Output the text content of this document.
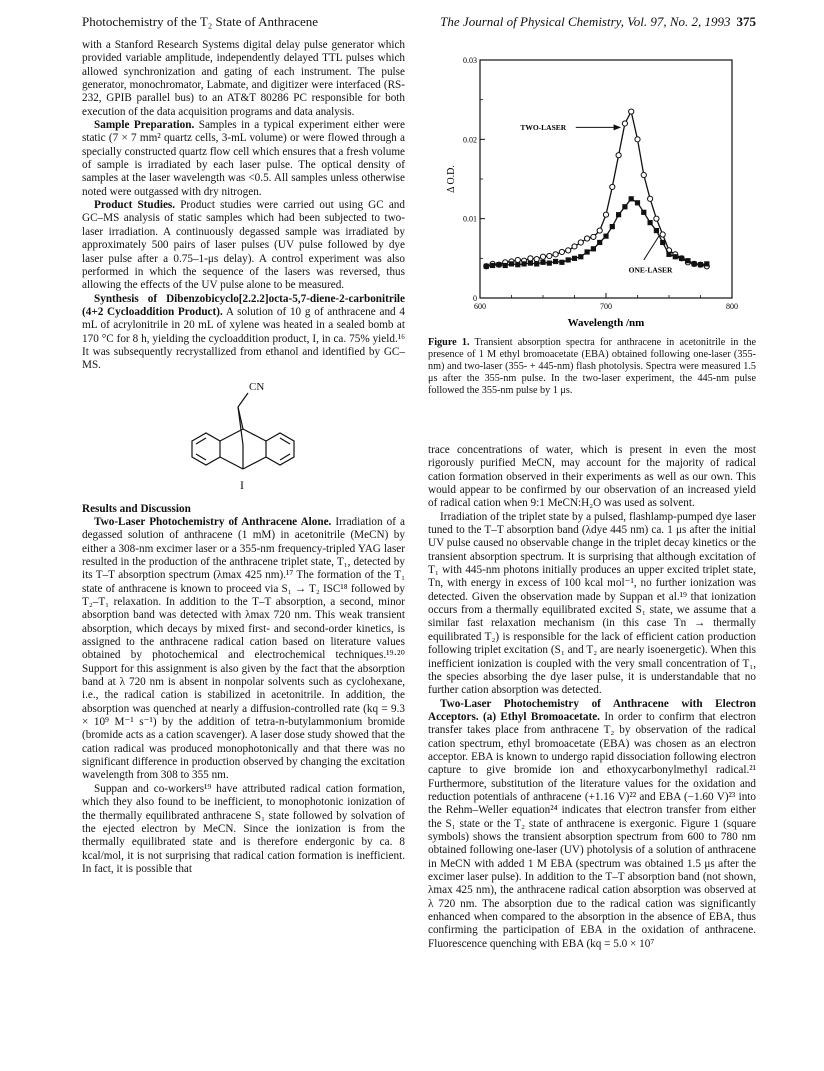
Photochemistry of the T₂ State of Anthracene	The Journal of Physical Chemistry, Vol. 97, No. 2, 1993 375

with a Stanford Research Systems digital delay pulse generator which provided variable amplitude, independently delayed TTL pulses which allowed synchronization and gating of each instrument. The pulse generator, monochromator, Labmate, and digitizer were interfaced (RS-232, GPIB parallel bus) to an AT&T 80286 PC responsible for both execution of the data acquisition programs and data analysis.

Sample Preparation. Samples in a typical experiment either were static (7 × 7 mm² quartz cells, 3-mL volume) or were flowed through a specially constructed quartz flow cell which ensures that a fresh volume of sample is irradiated by each laser pulse. The optical density of samples at the laser wavelength was <0.5. All samples unless otherwise noted were outgassed with dry nitrogen.

Product Studies. Product studies were carried out using GC and GC–MS analysis of static samples which had been subjected to two-laser irradiation. A continuously degassed sample was irradiated by approximately 500 pairs of laser pulses (UV pulse followed by dye laser pulse after a 0.75–1-μs delay). A control experiment was also performed in which the sequence of the lasers was reversed, thus allowing the effects of the UV pulse alone to be measured.

Synthesis of Dibenzobicyclo[2.2.2]octa-5,7-diene-2-carbonitrile (4+2 Cycloaddition Product). A solution of 10 g of anthracene and 4 mL of acrylonitrile in 20 mL of xylene was heated in a sealed bomb at 170 °C for 8 h, yielding the cycloaddition product, I, in ca. 75% yield.¹⁶ It was subsequently recrystallized from ethanol and identified by GC–MS.

CN
I

Results and Discussion

Two-Laser Photochemistry of Anthracene Alone. Irradiation of a degassed solution of anthracene (1 mM) in acetonitrile (MeCN) by either a 308-nm excimer laser or a 355-nm frequency-tripled YAG laser resulted in the production of the anthracene triplet state, T₁, detected by its T–T absorption spectrum (λmax 425 nm).¹⁷ The formation of the T₁ state of anthracene is known to proceed via S₁ → T₂ ISC¹⁸ followed by T₂–T₁ relaxation. In addition to the T–T absorption, a second, minor absorption band was detected with λmax 720 nm. This weak transient absorption, which decays by mixed first- and second-order kinetics, is assigned to the anthracene radical cation based on literature values obtained by photochemical and electrochemical techniques.¹⁹·²⁰ Support for this assignment is also given by the fact that the absorption band at λ 720 nm is absent in nonpolar solvents such as cyclohexane, i.e., the radical cation is stabilized in acetonitrile. In addition, the absorption was quenched at nearly a diffusion-controlled rate (kq = 9.3 × 10⁹ M⁻¹ s⁻¹) by the addition of tetra-n-butylammonium bromide (bromide acts as a cation scavenger). A laser dose study showed that the cation radical was produced monophotonically and that there was no significant difference in production observed by changing the excitation wavelength from 308 to 355 nm.

Suppan and co-workers¹⁹ have attributed radical cation formation, which they also found to be inefficient, to monophotonic ionization of the thermally equilibrated anthracene S₁ state followed by solvation of the ejected electron by MeCN. Since the ionization is from the thermally equilibrated state and is therefore endergonic by ca. 8 kcal/mol, it is not surprising that radical cation formation is inefficient. In fact, it is possible that

600	700	800
0
0.01
0.02
0.03
Wavelength /nm
Δ O.D.
TWO-LASER
ONE-LASER
Figure 1. Transient absorption spectra for anthracene in acetonitrile in the presence of 1 M ethyl bromoacetate (EBA) obtained following one-laser (355-nm) and two-laser (355- + 445-nm) flash photolysis. Spectra were measured 1.5 μs after the 355-nm pulse. In the two-laser experiment, the 445-nm pulse followed the 355-nm pulse by 1 μs.

trace concentrations of water, which is present in even the most rigorously purified MeCN, may account for the majority of radical cation formation observed in their experiments as well as our own. This would appear to be confirmed by our observation of an increased yield of radical cation when 9:1 MeCN:H₂O was used as solvent.

Irradiation of the triplet state by a pulsed, flashlamp-pumped dye laser tuned to the T–T absorption band (λdye 445 nm) ca. 1 μs after the initial UV pulse caused no observable change in the triplet decay kinetics or the transient absorption spectrum. It is surprising that although excitation of T₁ with 445-nm photons initially produces an upper excited triplet state, Tn, with energy in excess of 100 kcal mol⁻¹, no further ionization was detected. Given the observation made by Suppan et al.¹⁹ that ionization occurs from a thermally equilibrated excited S₁ state, we assume that a similar fast relaxation mechanism (in this case Tn → thermally equilibrated T₂) is responsible for the lack of efficient cation production following triplet excitation (S₁ and T₂ are nearly isoenergetic). When this inefficient ionization is coupled with the very small concentration of T₁, the species absorbing the dye laser pulse, it is understandable that no further cation absorption was detected.

Two-Laser Photochemistry of Anthracene with Electron Acceptors. (a) Ethyl Bromoacetate. In order to confirm that electron transfer takes place from anthracene T₂ by observation of the radical cation spectrum, ethyl bromoacetate (EBA) was chosen as an electron acceptor. EBA is known to undergo rapid dissociation following electron capture to give bromide ion and ethoxycarbonylmethyl radical.²¹ Furthermore, substitution of the literature values for the oxidation and reduction potentials of anthracene (+1.16 V)²² and EBA (−1.60 V)²³ into the Rehm–Weller equation²⁴ indicates that electron transfer from either the S₁ state or the T₂ state of anthracene is exergonic. Figure 1 (square symbols) shows the transient absorption spectrum from 600 to 780 nm obtained following one-laser (UV) photolysis of a solution of anthracene in MeCN with added 1 M EBA (spectrum was obtained 1.5 μs after the excimer laser pulse). In addition to the T–T absorption band (not shown, λmax 425 nm), the anthracene radical cation absorption was observed at λ 720 nm. The absorption due to the radical cation was significantly enhanced when compared to the absorption in the absence of EBA, thus confirming the participation of EBA in the oxidation of anthracene. Fluorescence quenching with EBA (kq = 5.0 × 10⁷
